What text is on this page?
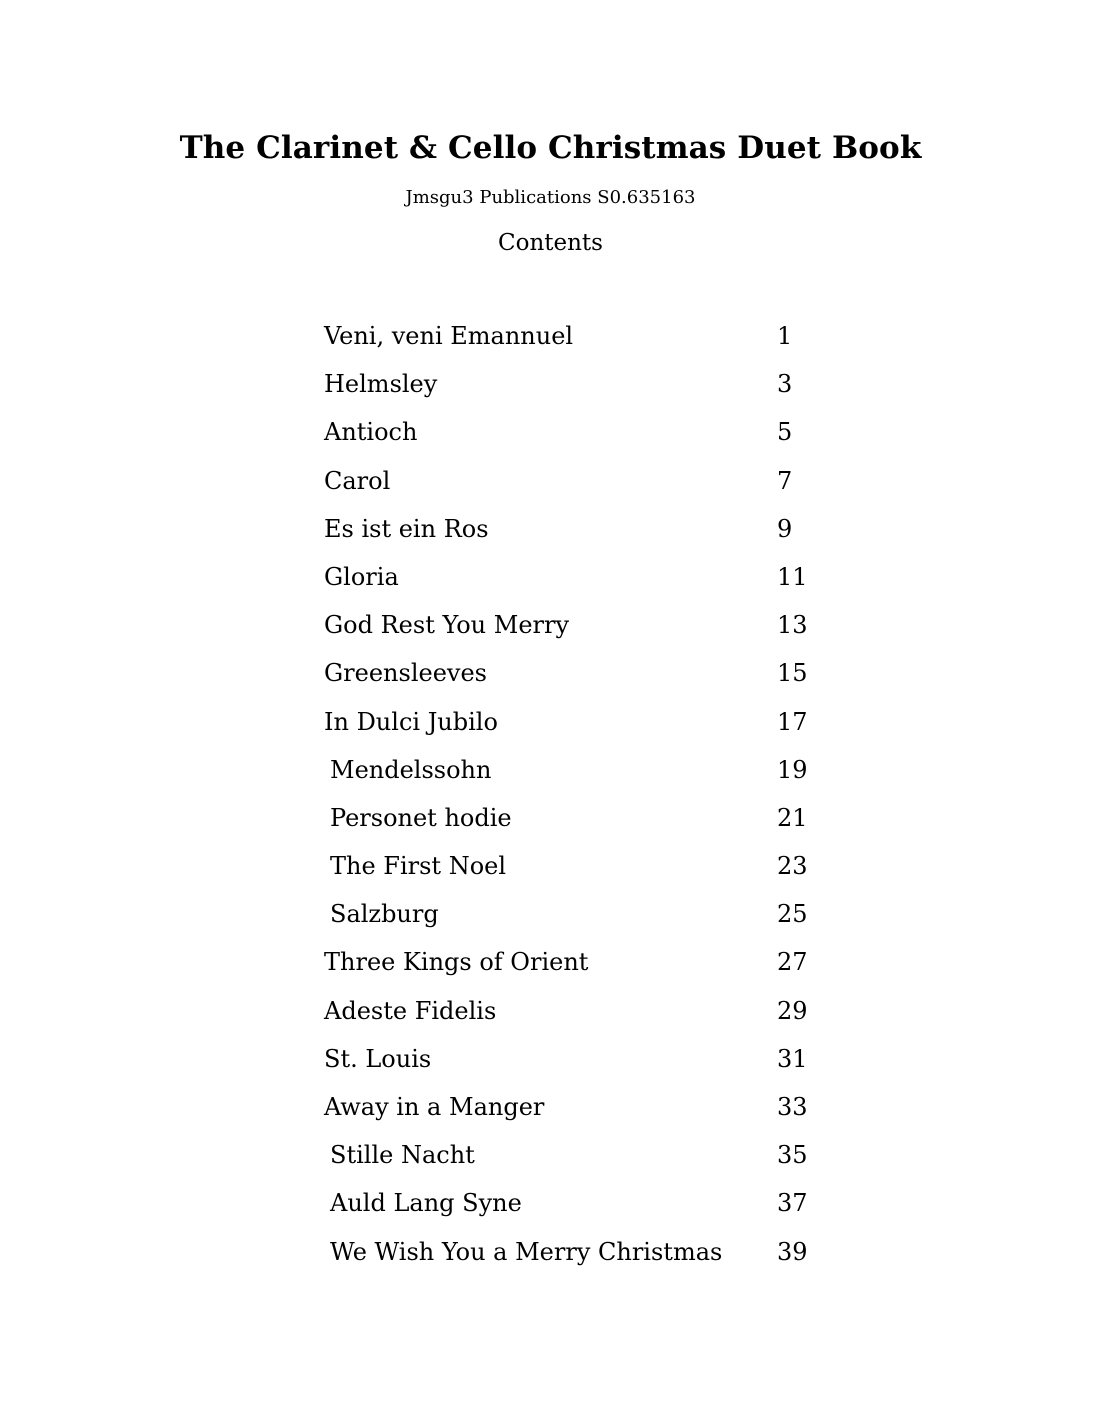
The Clarinet & Cello Christmas Duet Book

Jmsgu3 Publications S0.635163

Contents

Veni, veni Emannuel	1
Helmsley	3
Antioch	5
Carol	7
Es ist ein Ros	9
Gloria	11
God Rest You Merry	13
Greensleeves	15
In Dulci Jubilo	17
Mendelssohn	19
Personet hodie	21
The First Noel	23
Salzburg	25
Three Kings of Orient	27
Adeste Fidelis	29
St. Louis	31
Away in a Manger	33
Stille Nacht	35
Auld Lang Syne	37
We Wish You a Merry Christmas 39
